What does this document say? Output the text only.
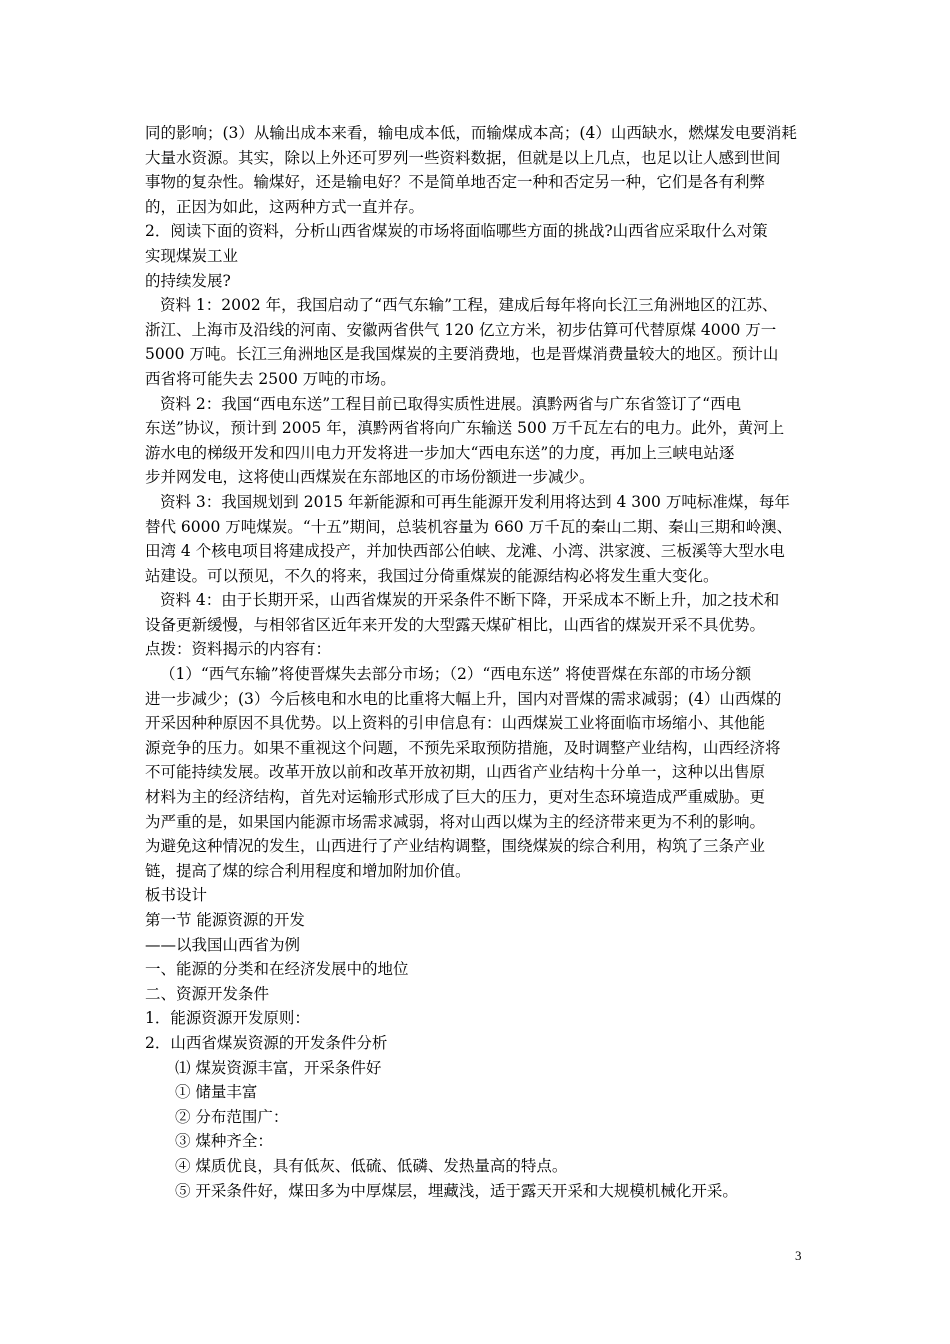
同的影响；(3）从输出成本来看，输电成本低，而输煤成本高；(4）山西缺水，燃煤发电要消耗
大量水资源。其实，除以上外还可罗列一些资料数据，但就是以上几点，也足以让人感到世间
事物的复杂性。输煤好，还是输电好？不是简单地否定一种和否定另一种，它们是各有利弊
的，正因为如此，这两种方式一直并存。
2．阅读下面的资料，分析山西省煤炭的市场将面临哪些方面的挑战?山西省应采取什么对策
实现煤炭工业
的持续发展?
资料 1：2002 年，我国启动了“西气东输”工程，建成后每年将向长江三角洲地区的江苏、
浙江、上海市及沿线的河南、安徽两省供气 120 亿立方米，初步估算可代替原煤 4000 万一
5000 万吨。长江三角洲地区是我国煤炭的主要消费地，也是晋煤消费量较大的地区。预计山
西省将可能失去 2500 万吨的市场。
资料 2：我国“西电东送”工程目前已取得实质性进展。滇黔两省与广东省签订了“西电
东送”协议，预计到 2005 年，滇黔两省将向广东输送 500 万千瓦左右的电力。此外，黄河上
游水电的梯级开发和四川电力开发将进一步加大“西电东送”的力度，再加上三峡电站逐
步并网发电，这将使山西煤炭在东部地区的市场份额进一步减少。
资料 3：我国规划到 2015 年新能源和可再生能源开发利用将达到 4 300 万吨标准煤，每年
替代 6000 万吨煤炭。“十五”期间，总装机容量为 660 万千瓦的秦山二期、秦山三期和岭澳、
田湾 4 个核电项目将建成投产，并加快西部公伯峡、龙滩、小湾、洪家渡、三板溪等大型水电
站建设。可以预见，不久的将来，我国过分倚重煤炭的能源结构必将发生重大变化。
资料 4：由于长期开采，山西省煤炭的开采条件不断下降，开采成本不断上升，加之技术和
设备更新缓慢，与相邻省区近年来开发的大型露天煤矿相比，山西省的煤炭开采不具优势。
点拨：资料揭示的内容有：
（1）“西气东输”将使晋煤失去部分市场；（2）“西电东送” 将使晋煤在东部的市场分额
进一步减少；(3）今后核电和水电的比重将大幅上升，国内对晋煤的需求减弱；(4）山西煤的
开采因种种原因不具优势。以上资料的引申信息有：山西煤炭工业将面临市场缩小、其他能
源竞争的压力。如果不重视这个问题，不预先采取预防措施，及时调整产业结构，山西经济将
不可能持续发展。改革开放以前和改革开放初期，山西省产业结构十分单一，这种以出售原
材料为主的经济结构，首先对运输形式形成了巨大的压力，更对生态环境造成严重威胁。更
为严重的是，如果国内能源市场需求减弱，将对山西以煤为主的经济带来更为不利的影响。
为避免这种情况的发生，山西进行了产业结构调整，围绕煤炭的综合利用，构筑了三条产业
链，提高了煤的综合利用程度和增加附加价值。
板书设计
第一节 能源资源的开发
——以我国山西省为例
一、能源的分类和在经济发展中的地位
二、资源开发条件
1．能源资源开发原则：
2．山西省煤炭资源的开发条件分析
⑴ 煤炭资源丰富，开采条件好
① 储量丰富
② 分布范围广：
③ 煤种齐全：
④ 煤质优良，具有低灰、低硫、低磷、发热量高的特点。
⑤ 开采条件好，煤田多为中厚煤层，埋藏浅，适于露天开采和大规模机械化开采。
3
